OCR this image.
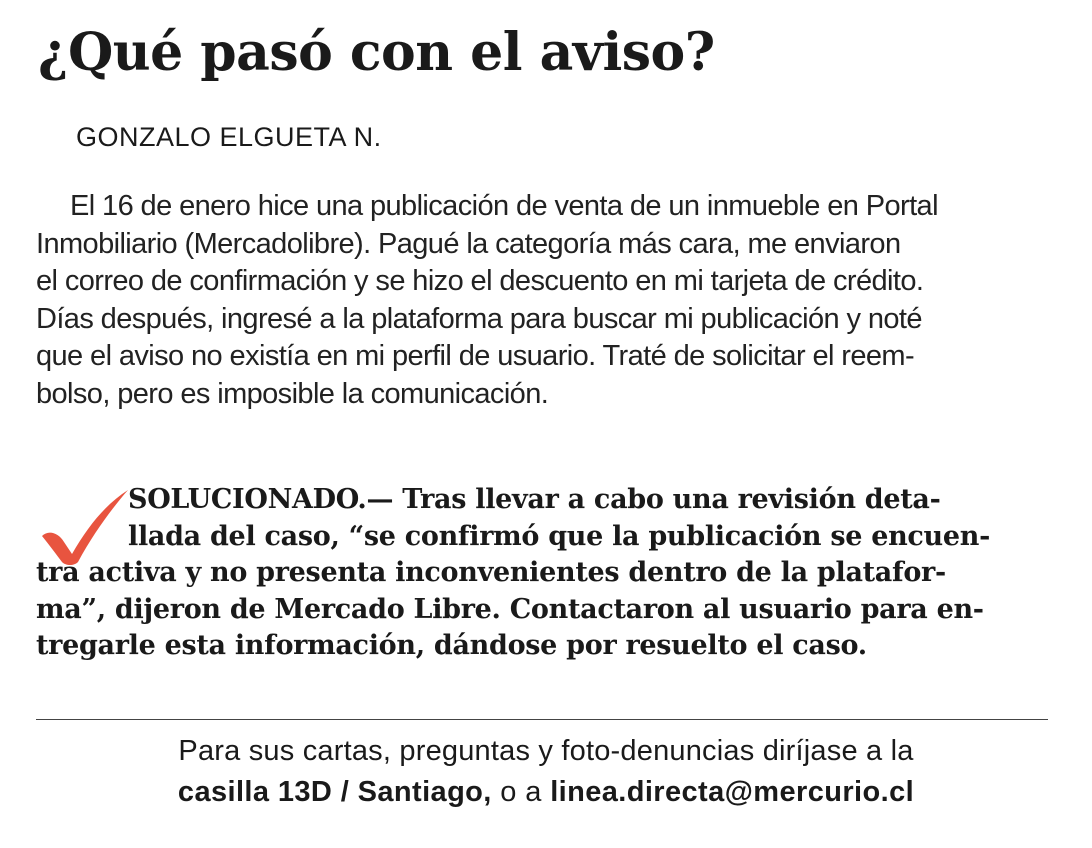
¿Qué pasó con el aviso?

GONZALO ELGUETA N.

El 16 de enero hice una publicación de venta de un inmueble en Portal
Inmobiliario (Mercadolibre). Pagué la categoría más cara, me enviaron
el correo de confirmación y se hizo el descuento en mi tarjeta de crédito.
Días después, ingresé a la plataforma para buscar mi publicación y noté
que el aviso no existía en mi perfil de usuario. Traté de solicitar el reem-
bolso, pero es imposible la comunicación.
SOLUCIONADO.— Tras llevar a cabo una revisión deta-
llada del caso, “se confirmó que la publicación se encuen-
tra activa y no presenta inconvenientes dentro de la platafor-
ma”, dijeron de Mercado Libre. Contactaron al usuario para en-
tregarle esta información, dándose por resuelto el caso.
Para sus cartas, preguntas y foto-denuncias diríjase a la
casilla 13D / Santiago, o a linea.directa@mercurio.cl
